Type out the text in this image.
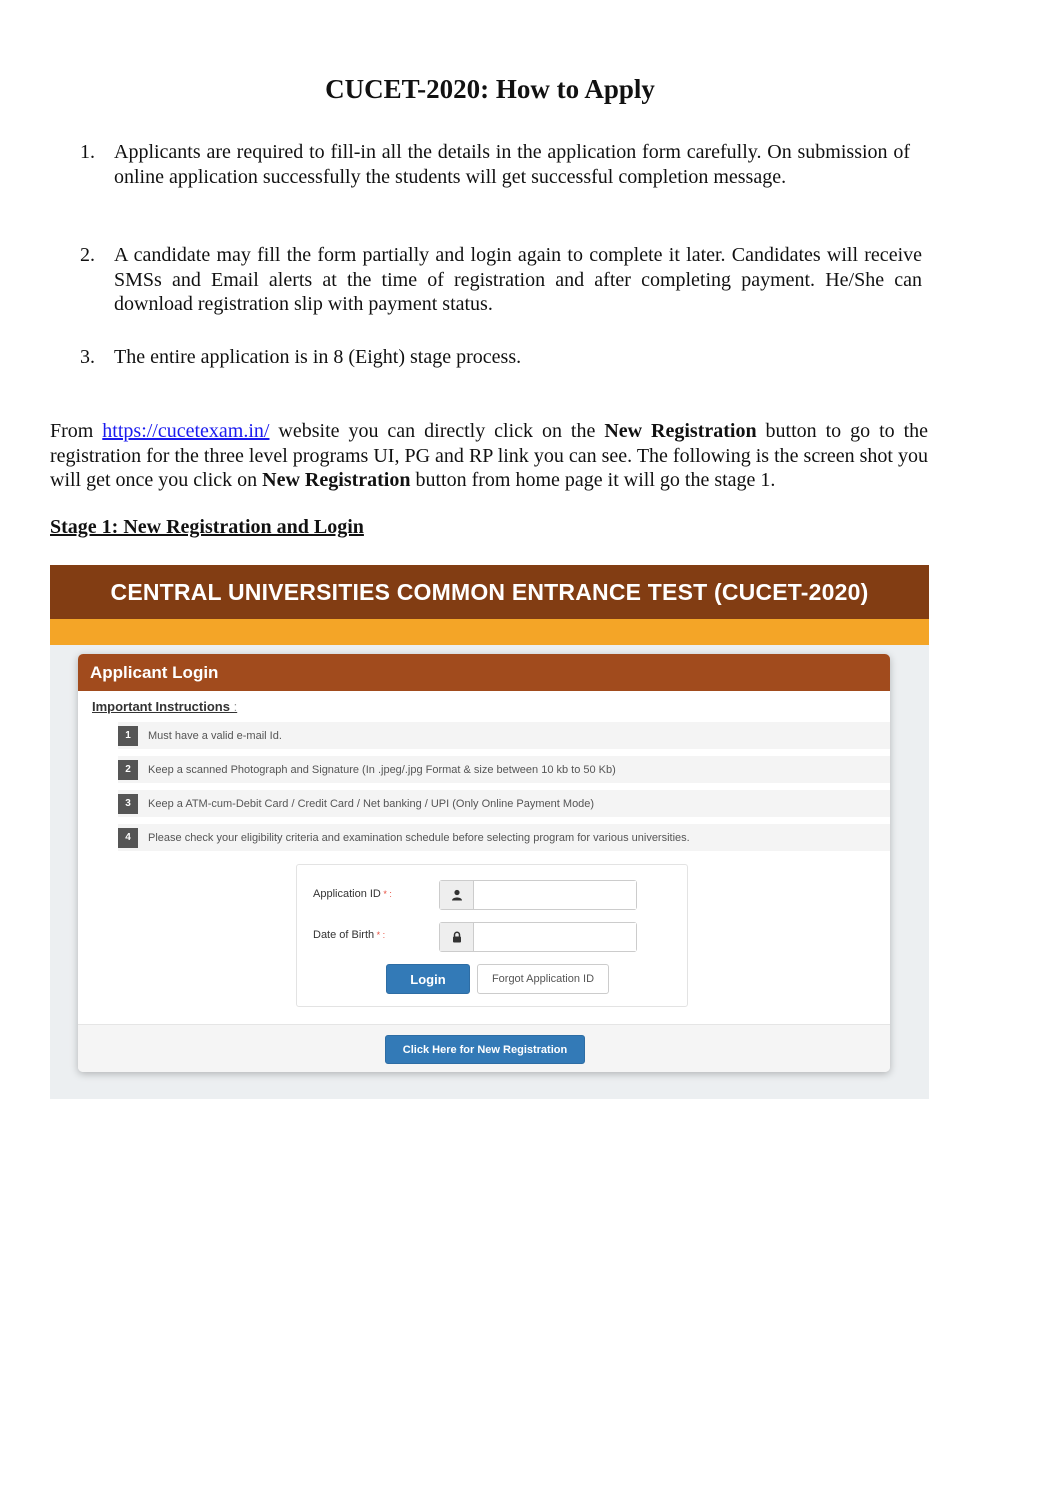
CUCET-2020: How to Apply
1. Applicants are required to fill-in all the details in the application form carefully. On submission of online application successfully the students will get successful completion message.
2. A candidate may fill the form partially and login again to complete it later. Candidates will receive SMSs and Email alerts at the time of registration and after completing payment. He/She can download registration slip with payment status.
3. The entire application is in 8 (Eight) stage process.

From https://cucetexam.in/ website you can directly click on the New Registration button to go to the registration for the three level programs UI, PG and RP link you can see. The following is the screen shot you will get once you click on New Registration button from home page it will go the stage 1.

Stage 1: New Registration and Login
CENTRAL UNIVERSITIES COMMON ENTRANCE TEST (CUCET-2020)
Applicant Login
Important Instructions :
1	Must have a valid e-mail Id.
2	Keep a scanned Photograph and Signature (In .jpeg/.jpg Format & size between 10 kb to 50 Kb)
3	Keep a ATM-cum-Debit Card / Credit Card / Net banking / UPI (Only Online Payment Mode)
4	Please check your eligibility criteria and examination schedule before selecting program for various universities.
Application ID * :
Date of Birth * :
Login	Forgot Application ID
Click Here for New Registration
